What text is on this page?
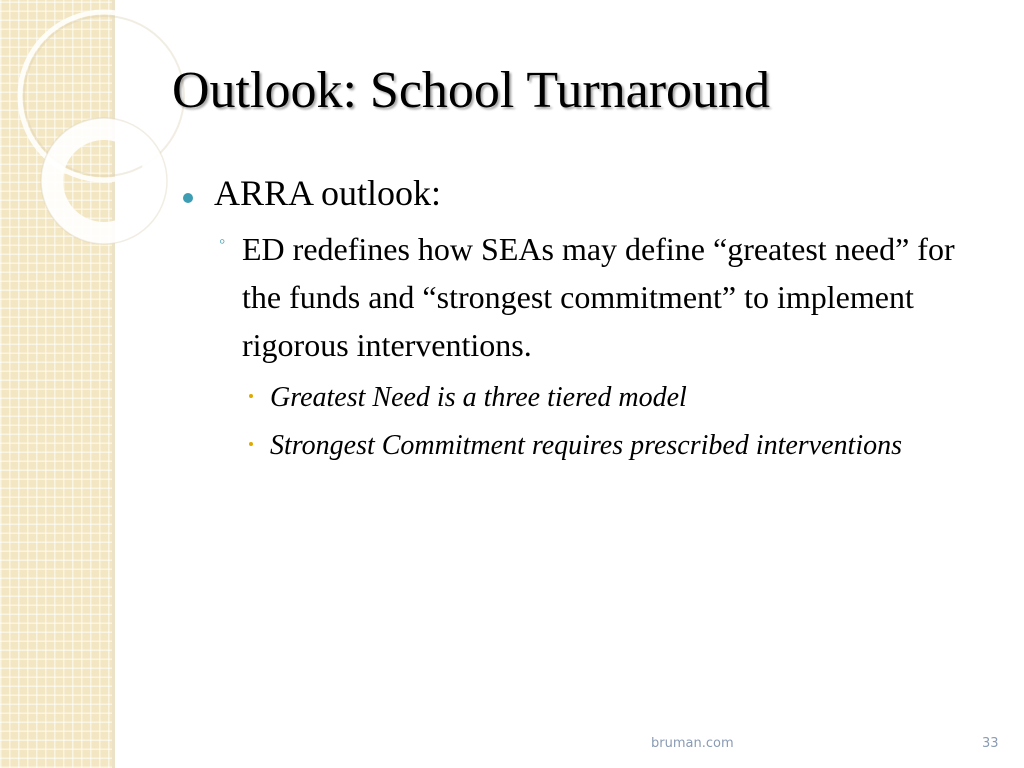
Outlook: School Turnaround
ARRA outlook:
◦ ED redefines how SEAs may define “greatest need” for the funds and “strongest commitment” to implement rigorous interventions.
Greatest Need is a three tiered model
Strongest Commitment requires prescribed interventions
bruman.com	33
